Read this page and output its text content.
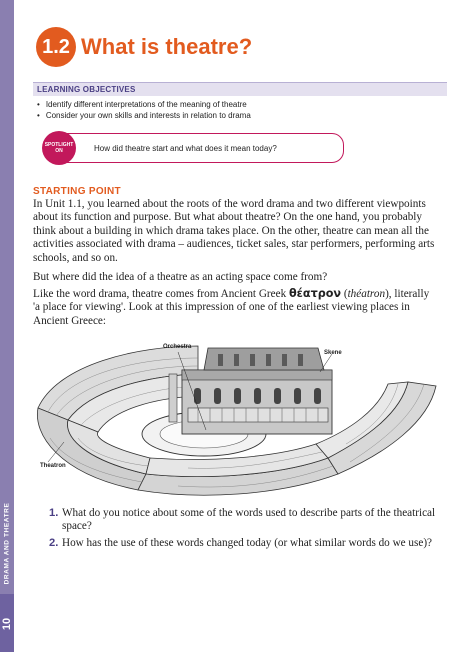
DRAMA AND THEATRE
10
1.2 What is theatre?
LEARNING OBJECTIVES
• Identify different interpretations of the meaning of theatre
• Consider your own skills and interests in relation to drama
SPOTLIGHT
ON	How did theatre start and what does it mean today?
STARTING POINT

In Unit 1.1, you learned about the roots of the word drama and two different viewpoints about its function and purpose. But what about theatre? On the one hand, you probably think about a building in which drama takes place. On the other, theatre can mean all the activities associated with drama – audiences, ticket sales, star performers, performing arts schools, and so on.

But where did the idea of a theatre as an acting space come from?

Like the word drama, theatre comes from Ancient Greek θέατρον (théatron), literally 'a place for viewing'. Look at this impression of one of the earliest viewing places in Ancient Greece:

Orchestra
Skene
Theatron
1. What do you notice about some of the words used to describe parts of the theatrical space?
2. How has the use of these words changed today (or what similar words do we use)?
